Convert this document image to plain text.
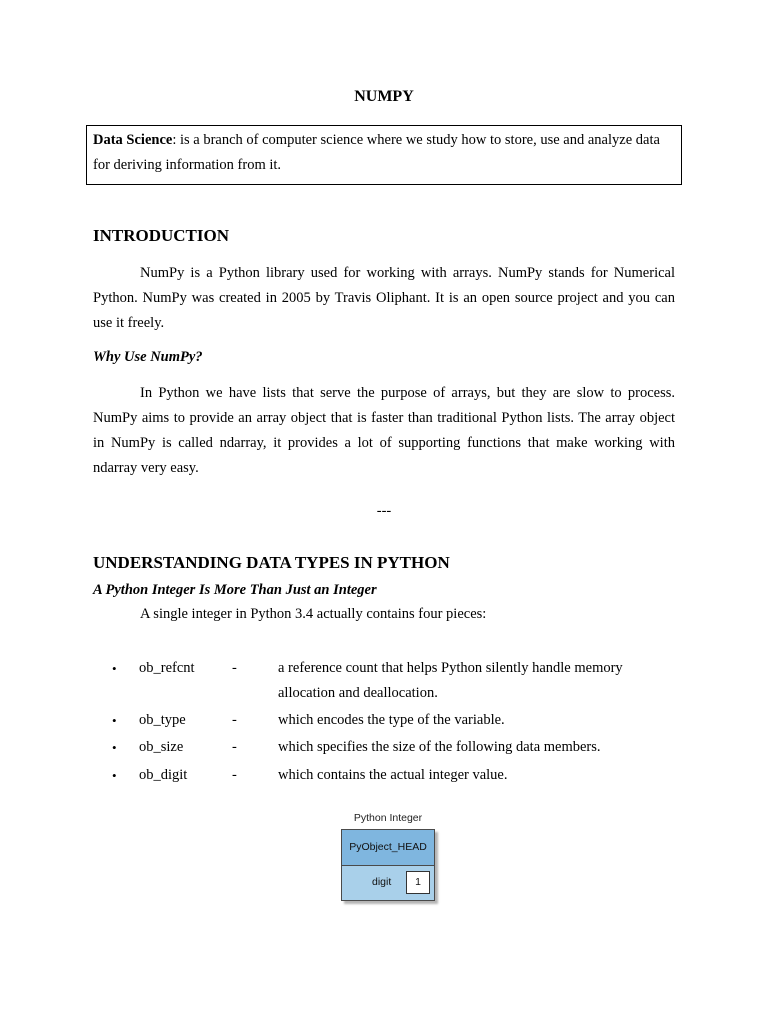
NUMPY
Data Science: is a branch of computer science where we study how to store, use and analyze data for deriving information from it.
INTRODUCTION
NumPy is a Python library used for working with arrays. NumPy stands for Numerical Python. NumPy was created in 2005 by Travis Oliphant. It is an open source project and you can use it freely.
Why Use NumPy?
In Python we have lists that serve the purpose of arrays, but they are slow to process. NumPy aims to provide an array object that is faster than traditional Python lists. The array object in NumPy is called ndarray, it provides a lot of supporting functions that make working with ndarray very easy.
---
UNDERSTANDING DATA TYPES IN PYTHON
A Python Integer Is More Than Just an Integer
A single integer in Python 3.4 actually contains four pieces:
•
ob_refcnt	-	a reference count that helps Python silently handle memory allocation and deallocation.
•
ob_type	-	which encodes the type of the variable.
•
ob_size	-	which specifies the size of the following data members.
•
ob_digit	-	which contains the actual integer value.
Python Integer
PyObject_HEAD
digit	1
